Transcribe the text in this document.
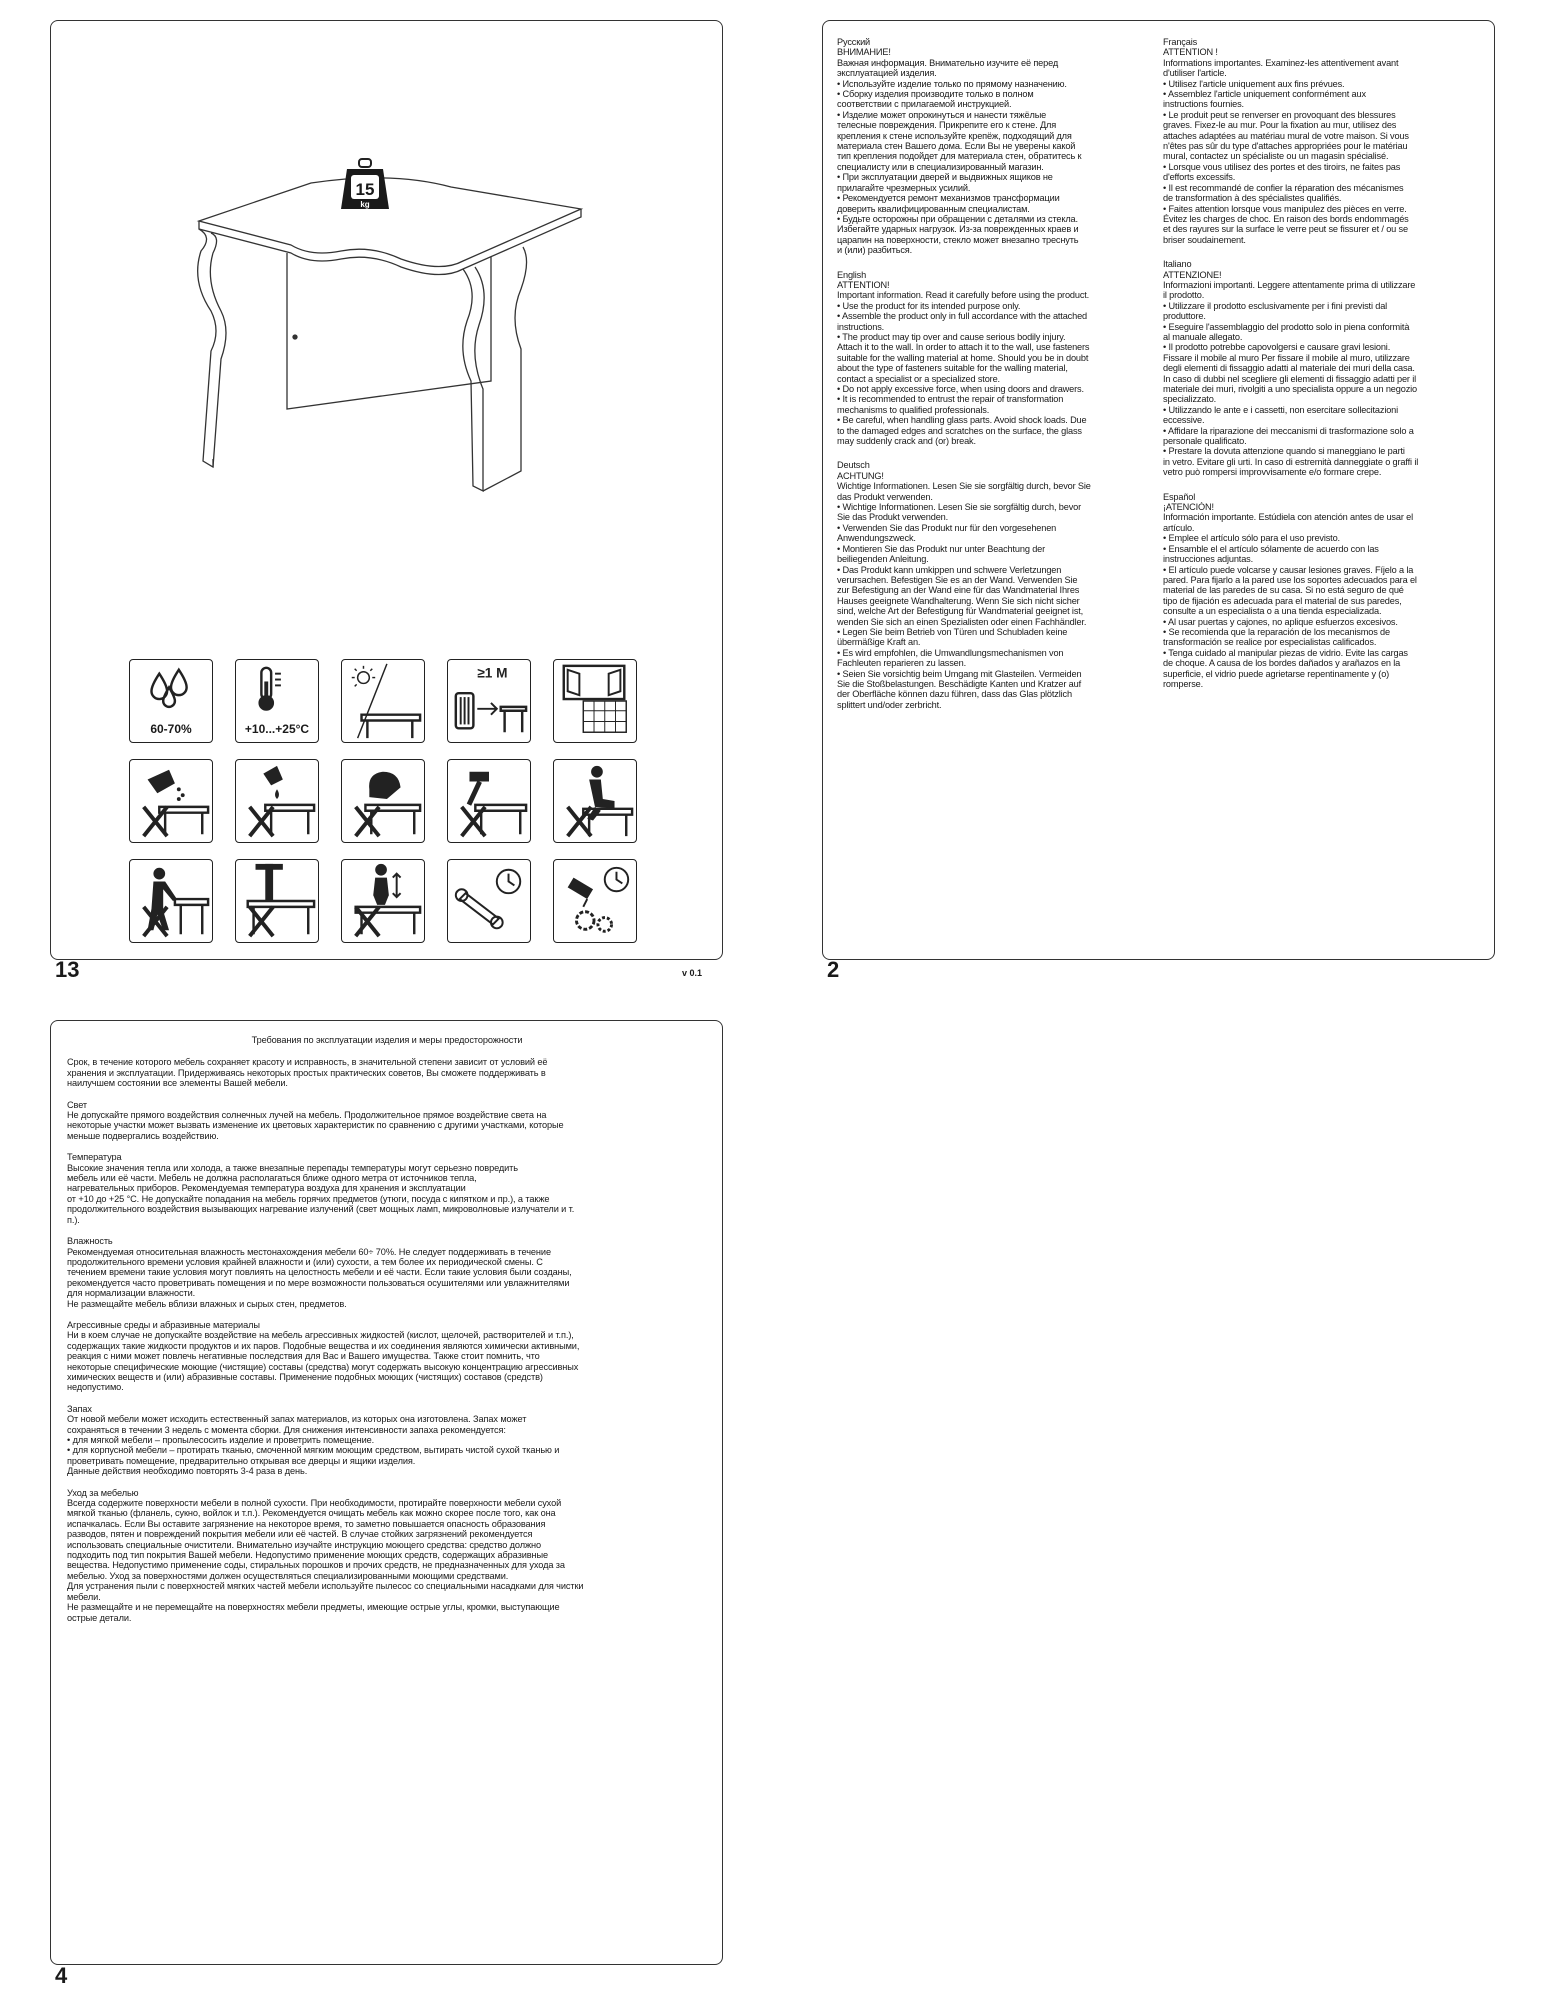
15
kg
60-70%	+10...+25°C
≥1 M
13	v 0.1
Русский
ВНИМАНИЕ!
Важная информация. Внимательно изучите её перед
эксплуатацией изделия.
• Используйте изделие только по прямому назначению.
• Сборку изделия производите только в полном
соответствии с прилагаемой инструкцией.
• Изделие может опрокинуться и нанести тяжёлые
телесные повреждения. Прикрепите его к стене. Для
крепления к стене используйте крепёж, подходящий для
материала стен Вашего дома. Если Вы не уверены какой
тип крепления подойдет для материала стен, обратитесь к
специалисту или в специализированный магазин.
• При эксплуатации дверей и выдвижных ящиков не
прилагайте чрезмерных усилий.
• Рекомендуется ремонт механизмов трансформации
доверить квалифицированным специалистам.
• Будьте осторожны при обращении с деталями из стекла.
Избегайте ударных нагрузок. Из-за поврежденных краев и
царапин на поверхности, стекло может внезапно треснуть
и (или) разбиться.
English
ATTENTION!
Important information. Read it carefully before using the product.
• Use the product for its intended purpose only.
• Assemble the product only in full accordance with the attached
instructions.
• The product may tip over and cause serious bodily injury.
Attach it to the wall. In order to attach it to the wall, use fasteners
suitable for the walling material at home. Should you be in doubt
about the type of fasteners suitable for the walling material,
contact a specialist or a specialized store.
• Do not apply excessive force, when using doors and drawers.
• It is recommended to entrust the repair of transformation
mechanisms to qualified professionals.
• Be careful, when handling glass parts. Avoid shock loads. Due
to the damaged edges and scratches on the surface, the glass
may suddenly crack and (or) break.
Deutsch
ACHTUNG!
Wichtige Informationen. Lesen Sie sie sorgfältig durch, bevor Sie
das Produkt verwenden.
• Wichtige Informationen. Lesen Sie sie sorgfältig durch, bevor
Sie das Produkt verwenden.
• Verwenden Sie das Produkt nur für den vorgesehenen
Anwendungszweck.
• Montieren Sie das Produkt nur unter Beachtung der
beiliegenden Anleitung.
• Das Produkt kann umkippen und schwere Verletzungen
verursachen. Befestigen Sie es an der Wand. Verwenden Sie
zur Befestigung an der Wand eine für das Wandmaterial Ihres
Hauses geeignete Wandhalterung. Wenn Sie sich nicht sicher
sind, welche Art der Befestigung für Wandmaterial geeignet ist,
wenden Sie sich an einen Spezialisten oder einen Fachhändler.
• Legen Sie beim Betrieb von Türen und Schubladen keine
übermäßige Kraft an.
• Es wird empfohlen, die Umwandlungsmechanismen von
Fachleuten reparieren zu lassen.
• Seien Sie vorsichtig beim Umgang mit Glasteilen. Vermeiden
Sie die Stoßbelastungen. Beschädigte Kanten und Kratzer auf
der Oberfläche können dazu führen, dass das Glas plötzlich
splittert und/oder zerbricht.
Français
ATTENTION !
Informations importantes. Examinez-les attentivement avant
d'utiliser l'article.
• Utilisez l'article uniquement aux fins prévues.
• Assemblez l'article uniquement conformément aux
instructions fournies.
• Le produit peut se renverser en provoquant des blessures
graves. Fixez-le au mur. Pour la fixation au mur, utilisez des
attaches adaptées au matériau mural de votre maison. Si vous
n'êtes pas sûr du type d'attaches appropriées pour le matériau
mural, contactez un spécialiste ou un magasin spécialisé.
• Lorsque vous utilisez des portes et des tiroirs, ne faites pas
d'efforts excessifs.
• Il est recommandé de confier la réparation des mécanismes
de transformation à des spécialistes qualifiés.
• Faites attention lorsque vous manipulez des pièces en verre.
Évitez les charges de choc. En raison des bords endommagés
et des rayures sur la surface le verre peut se fissurer et / ou se
briser soudainement.
Italiano
ATTENZIONE!
Informazioni importanti. Leggere attentamente prima di utilizzare
il prodotto.
• Utilizzare il prodotto esclusivamente per i fini previsti dal
produttore.
• Eseguire l'assemblaggio del prodotto solo in piena conformità
al manuale allegato.
• Il prodotto potrebbe capovolgersi e causare gravi lesioni.
Fissare il mobile al muro Per fissare il mobile al muro, utilizzare
degli elementi di fissaggio adatti al materiale dei muri della casa.
In caso di dubbi nel scegliere gli elementi di fissaggio adatti per il
materiale dei muri, rivolgiti a uno specialista oppure a un negozio
specializzato.
• Utilizzando le ante e i cassetti, non esercitare sollecitazioni
eccessive.
• Affidare la riparazione dei meccanismi di trasformazione solo a
personale qualificato.
• Prestare la dovuta attenzione quando si maneggiano le parti
in vetro. Evitare gli urti. In caso di estremità danneggiate o graffi il
vetro può rompersi improvvisamente e/o formare crepe.
Español
¡ATENCIÓN!
Información importante. Estúdiela con atención antes de usar el
artículo.
• Emplee el artículo sólo para el uso previsto.
• Ensamble el el artículo sólamente de acuerdo con las
instrucciones adjuntas.
• El artículo puede volcarse y causar lesiones graves. Fíjelo a la
pared. Para fijarlo a la pared use los soportes adecuados para el
material de las paredes de su casa. Si no está seguro de qué
tipo de fijación es adecuada para el material de sus paredes,
consulte a un especialista o a una tienda especializada.
• Al usar puertas y cajones, no aplique esfuerzos excesivos.
• Se recomienda que la reparación de los mecanismos de
transformación se realice por especialistas calificados.
• Tenga cuidado al manipular piezas de vidrio. Evite las cargas
de choque. A causa de los bordes dañados y arañazos en la
superficie, el vidrio puede agrietarse repentinamente y (o)
romperse.
2
Требования по эксплуатации изделия и меры предосторожности
Срок, в течение которого мебель сохраняет красоту и исправность, в значительной степени зависит от условий её
хранения и эксплуатации. Придерживаясь некоторых простых практических советов, Вы сможете поддерживать в
наилучшем состоянии все элементы Вашей мебели.
Свет
Не допускайте прямого воздействия солнечных лучей на мебель. Продолжительное прямое воздействие света на
некоторые участки может вызвать изменение их цветовых характеристик по сравнению с другими участками, которые
меньше подвергались воздействию.
Температура
Высокие значения тепла или холода, а также внезапные перепады температуры могут серьезно повредить
мебель или её части. Мебель не должна располагаться ближе одного метра от источников тепла,
нагревательных приборов. Рекомендуемая температура воздуха для хранения и эксплуатации
от +10 до +25 °С. Не допускайте попадания на мебель горячих предметов (утюги, посуда с кипятком и пр.), а также
продолжительного воздействия вызывающих нагревание излучений (свет мощных ламп, микроволновые излучатели и т.
п.).
Влажность
Рекомендуемая относительная влажность местонахождения мебели 60÷ 70%. Не следует поддерживать в течение
продолжительного времени условия крайней влажности и (или) сухости, а тем более их периодической смены. С
течением времени такие условия могут повлиять на целостность мебели и её части. Если такие условия были созданы,
рекомендуется часто проветривать помещения и по мере возможности пользоваться осушителями или увлажнителями
для нормализации влажности.
Не размещайте мебель вблизи влажных и сырых стен, предметов.
Агрессивные среды и абразивные материалы
Ни в коем случае не допускайте воздействие на мебель агрессивных жидкостей (кислот, щелочей, растворителей и т.п.),
содержащих такие жидкости продуктов и их паров. Подобные вещества и их соединения являются химически активными,
реакция с ними может повлечь негативные последствия для Вас и Вашего имущества. Также стоит помнить, что
некоторые специфические моющие (чистящие) составы (средства) могут содержать высокую концентрацию агрессивных
химических веществ и (или) абразивные составы. Применение подобных моющих (чистящих) составов (средств)
недопустимо.
Запах
От новой мебели может исходить естественный запах материалов, из которых она изготовлена. Запах может
сохраняться в течении 3 недель с момента сборки. Для снижения интенсивности запаха рекомендуется:
• для мягкой мебели – пропылесосить изделие и проветрить помещение.
• для корпусной мебели – протирать тканью, смоченной мягким моющим средством, вытирать чистой сухой тканью и
проветривать помещение, предварительно открывая все дверцы и ящики изделия.
Данные действия необходимо повторять 3-4 раза в день.
Уход за мебелью
Всегда содержите поверхности мебели в полной сухости. При необходимости, протирайте поверхности мебели сухой
мягкой тканью (фланель, сукно, войлок и т.п.). Рекомендуется очищать мебель как можно скорее после того, как она
испачкалась. Если Вы оставите загрязнение на некоторое время, то заметно повышается опасность образования
разводов, пятен и повреждений покрытия мебели или её частей. В случае стойких загрязнений рекомендуется
использовать специальные очистители. Внимательно изучайте инструкцию моющего средства: средство должно
подходить под тип покрытия Вашей мебели. Недопустимо применение моющих средств, содержащих абразивные
вещества. Недопустимо применение соды, стиральных порошков и прочих средств, не предназначенных для ухода за
мебелью. Уход за поверхностями должен осуществляться специализированными моющими средствами.
Для устранения пыли с поверхностей мягких частей мебели используйте пылесос со специальными насадками для чистки
мебели.
Не размещайте и не перемещайте на поверхностях мебели предметы, имеющие острые углы, кромки, выступающие
острые детали.
4
